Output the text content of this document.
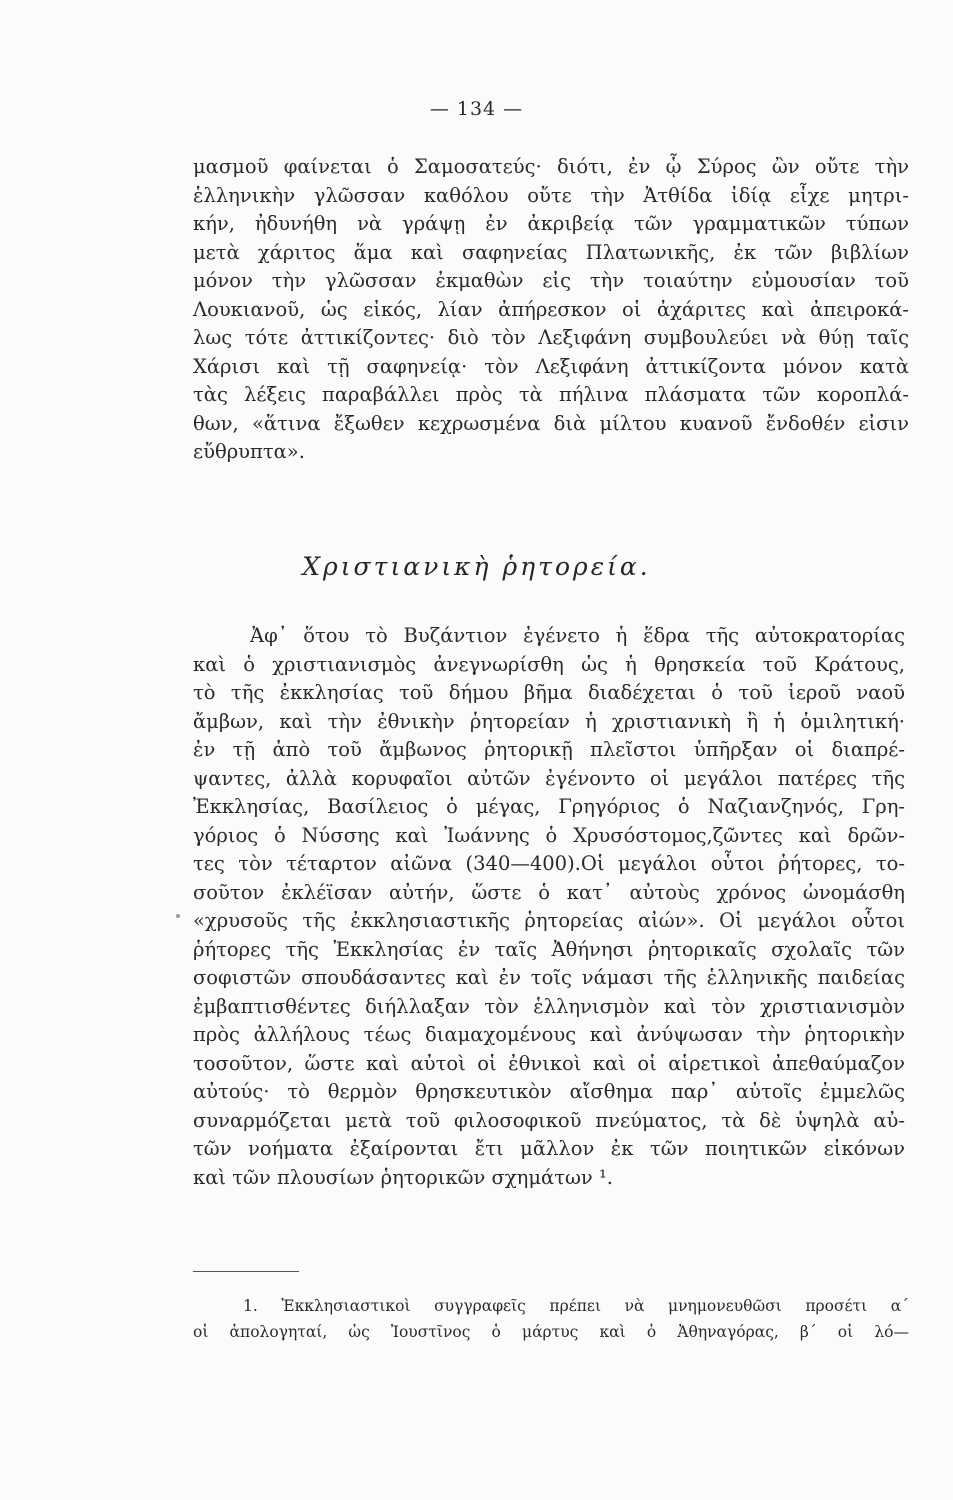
— 134 —
μασμοῦ φαίνεται ὁ Σαμοσατεύς· διότι, ἐν ᾧ Σύρος ὢν οὔτε τὴν
ἑλληνικὴν γλῶσσαν καθόλου οὔτε τὴν Ἀτθίδα ἰδίᾳ εἶχε μητρι-
κήν, ἠδυνήθη νὰ γράψῃ ἐν ἀκριβείᾳ τῶν γραμματικῶν τύπων
μετὰ χάριτος ἅμα καὶ σαφηνείας Πλατωνικῆς, ἐκ τῶν βιβλίων
μόνον τὴν γλῶσσαν ἐκμαθὼν εἰς τὴν τοιαύτην εὐμουσίαν τοῦ
Λουκιανοῦ, ὡς εἰκός, λίαν ἀπήρεσκον οἱ ἀχάριτες καὶ ἀπειροκά-
λως τότε ἀττικίζοντες· διὸ τὸν Λεξιφάνη συμβουλεύει νὰ θύῃ ταῖς
Χάρισι καὶ τῇ σαφηνείᾳ· τὸν Λεξιφάνη ἀττικίζοντα μόνον κατὰ
τὰς λέξεις παραβάλλει πρὸς τὰ πήλινα πλάσματα τῶν κοροπλά-
θων, «ἅτινα ἔξωθεν κεχρωσμένα διὰ μίλτου κυανοῦ ἔνδοθέν εἰσιν
εὔθρυπτα».
Χριστιανικὴ ῥητορεία.
Ἀφ᾽ ὅτου τὸ Βυζάντιον ἐγένετο ἡ ἕδρα τῆς αὐτοκρατορίας
καὶ ὁ χριστιανισμὸς ἀνεγνωρίσθη ὡς ἡ θρησκεία τοῦ Κράτους,
τὸ τῆς ἐκκλησίας τοῦ δήμου βῆμα διαδέχεται ὁ τοῦ ἱεροῦ ναοῦ
ἄμβων, καὶ τὴν ἐθνικὴν ῥητορείαν ἡ χριστιανικὴ ἢ ἡ ὁμιλητική·
ἐν τῇ ἀπὸ τοῦ ἄμβωνος ῥητορικῇ πλεῖστοι ὑπῆρξαν οἱ διαπρέ-
ψαντες, ἀλλὰ κορυφαῖοι αὐτῶν ἐγένοντο οἱ μεγάλοι πατέρες τῆς
Ἐκκλησίας, Βασίλειος ὁ μέγας, Γρηγόριος ὁ Ναζιανζηνός, Γρη-
γόριος ὁ Νύσσης καὶ Ἰωάννης ὁ Χρυσόστομος,ζῶντες καὶ δρῶν-
τες τὸν τέταρτον αἰῶνα (340—400).Οἱ μεγάλοι οὗτοι ῥήτορες, το-
σοῦτον ἐκλέϊσαν αὐτήν, ὥστε ὁ κατ᾽ αὐτοὺς χρόνος ὠνομάσθη
«χρυσοῦς τῆς ἐκκλησιαστικῆς ῥητορείας αἰών». Οἱ μεγάλοι οὗτοι
ῥήτορες τῆς Ἐκκλησίας ἐν ταῖς Ἀθήνησι ῥητορικαῖς σχολαῖς τῶν
σοφιστῶν σπουδάσαντες καὶ ἐν τοῖς νάμασι τῆς ἑλληνικῆς παιδείας
ἐμβαπτισθέντες διήλλαξαν τὸν ἑλληνισμὸν καὶ τὸν χριστιανισμὸν
πρὸς ἀλλήλους τέως διαμαχομένους καὶ ἀνύψωσαν τὴν ῥητορικὴν
τοσοῦτον, ὥστε καὶ αὐτοὶ οἱ ἐθνικοὶ καὶ οἱ αἱρετικοὶ ἀπεθαύμαζον
αὐτούς· τὸ θερμὸν θρησκευτικὸν αἴσθημα παρ᾽ αὐτοῖς ἐμμελῶς
συναρμόζεται μετὰ τοῦ φιλοσοφικοῦ πνεύματος, τὰ δὲ ὑψηλὰ αὐ-
τῶν νοήματα ἐξαίρονται ἔτι μᾶλλον ἐκ τῶν ποιητικῶν εἰκόνων
καὶ τῶν πλουσίων ῥητορικῶν σχημάτων ¹.
1. Ἐκκλησιαστικοὶ συγγραφεῖς πρέπει νὰ μνημονευθῶσι προσέτι α´
οἱ ἀπολογηταί, ὡς Ἰουστῖνος ὁ μάρτυς καὶ ὁ Ἀθηναγόρας, β´ οἱ λό—
